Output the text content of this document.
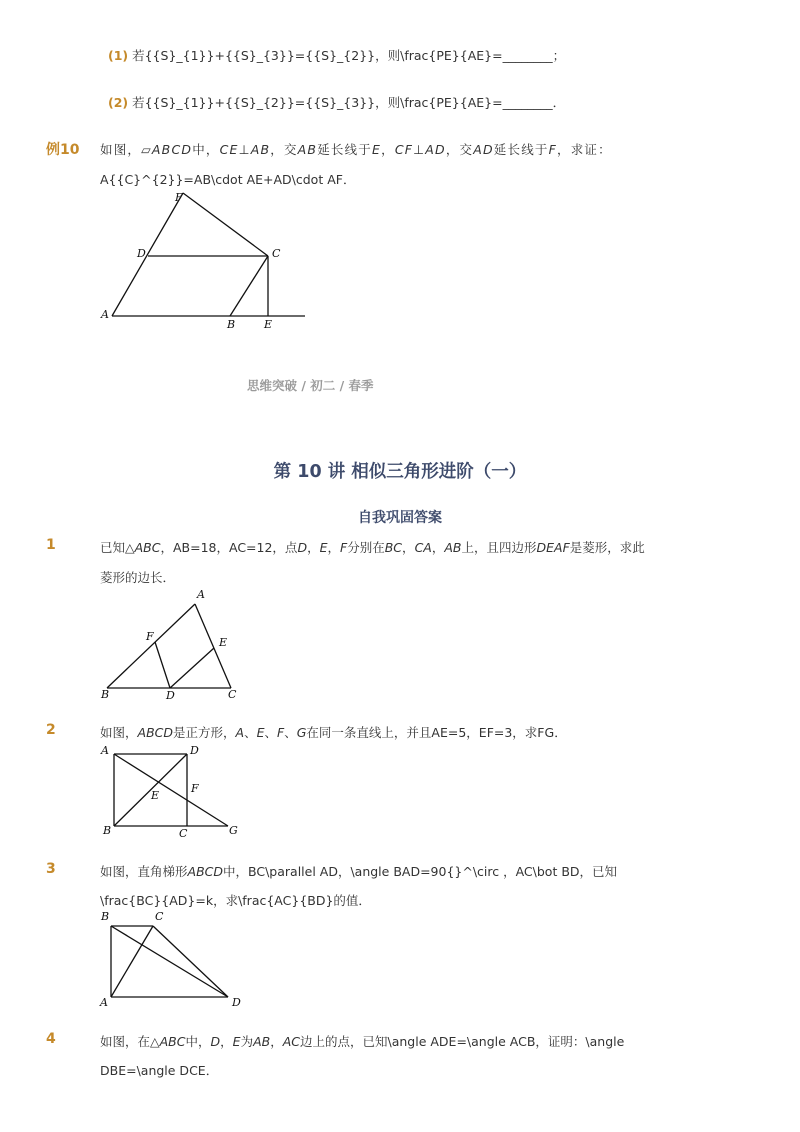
(1) 若{{S}_{1}}+{{S}_{3}}={{S}_{2}}，则\frac{PE}{AE}=________；
(2) 若{{S}_{1}}+{{S}_{2}}={{S}_{3}}，则\frac{PE}{AE}=________．
例10 如图，▱ABCD中，CE⊥AB，交AB延长线于E，CF⊥AD，交AD延长线于F，求证：
A{{C}^{2}}=AB\cdot AE+AD\cdot AF．
F
D	C
A
B	E
思维突破 / 初二 / 春季
第 10 讲 相似三角形进阶（一）
自我巩固答案
1	已知△ABC，AB=18，AC=12，点D，E，F分别在BC，CA，AB上，且四边形DEAF是菱形，求此
菱形的边长．
A
F	E
B	D	C
2	如图，ABCD是正方形，A、E、F、G在同一条直线上，并且AE=5，EF=3，求FG．
A	D
E
F
B	C	G
3	如图，直角梯形ABCD中，BC\parallel AD，\angle BAD=90{}^\circ ，AC\bot BD，已知
\frac{BC}{AD}=k，求\frac{AC}{BD}的值．
B	C
A	D
4	如图，在△ABC中，D，E为AB，AC边上的点，已知\angle ADE=\angle ACB，证明：\angle
DBE=\angle DCE．
